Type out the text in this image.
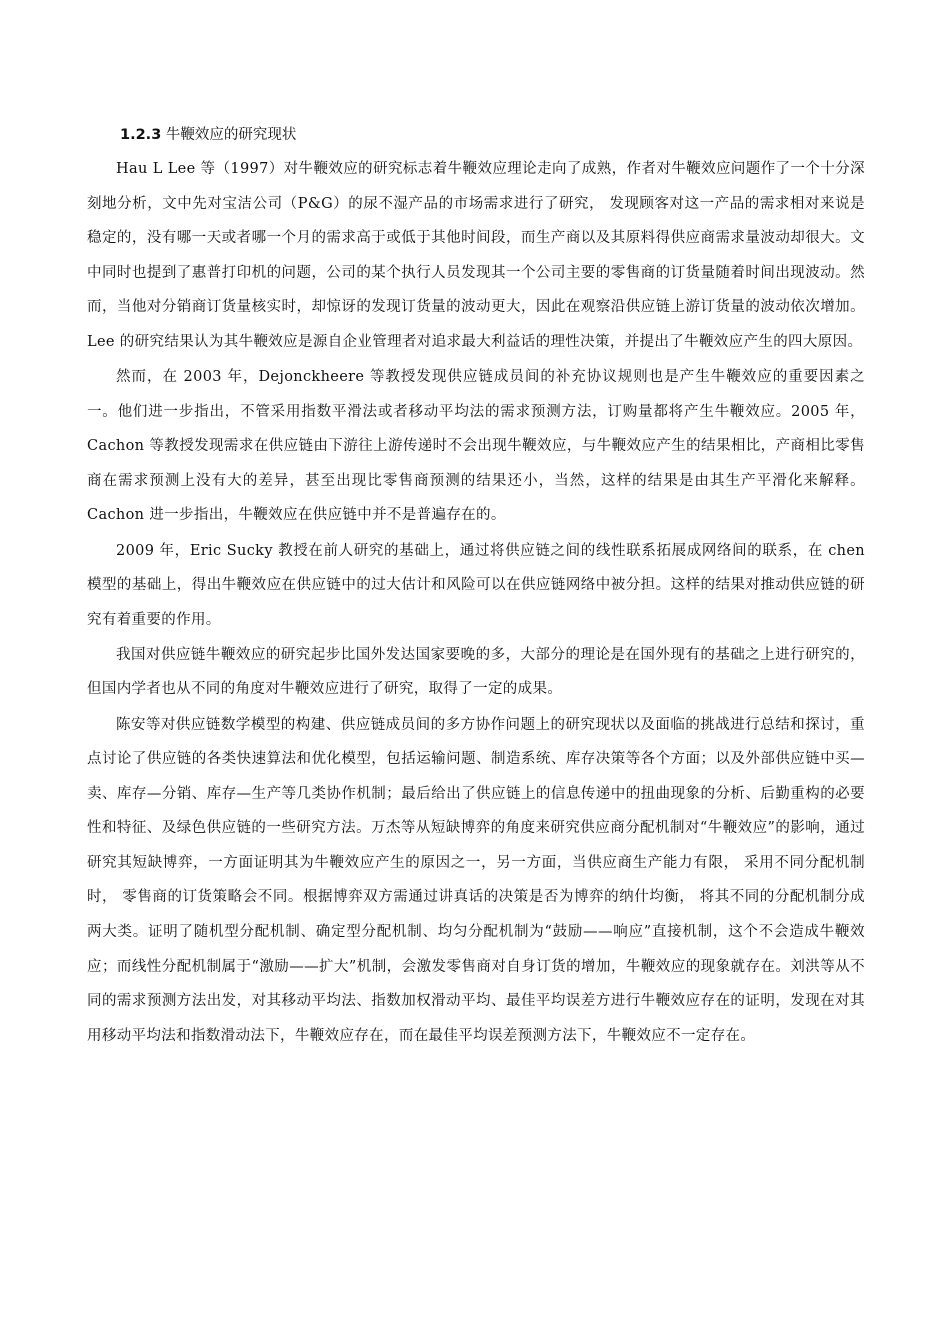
1.2.3 牛鞭效应的研究现状

Hau L Lee 等（1997）对牛鞭效应的研究标志着牛鞭效应理论走向了成熟，作者对牛鞭效应问题作了一个十分深刻地分析，文中先对宝洁公司（P&G）的尿不湿产品的市场需求进行了研究， 发现顾客对这一产品的需求相对来说是稳定的，没有哪一天或者哪一个月的需求高于或低于其他时间段，而生产商以及其原料得供应商需求量波动却很大。文中同时也提到了惠普打印机的问题，公司的某个执行人员发现其一个公司主要的零售商的订货量随着时间出现波动。然而，当他对分销商订货量核实时，却惊讶的发现订货量的波动更大，因此在观察沿供应链上游订货量的波动依次增加。Lee 的研究结果认为其牛鞭效应是源自企业管理者对追求最大利益话的理性决策，并提出了牛鞭效应产生的四大原因。

然而，在 2003 年，Dejonckheere 等教授发现供应链成员间的补充协议规则也是产生牛鞭效应的重要因素之一。他们进一步指出，不管采用指数平滑法或者移动平均法的需求预测方法，订购量都将产生牛鞭效应。2005 年，Cachon 等教授发现需求在供应链由下游往上游传递时不会出现牛鞭效应，与牛鞭效应产生的结果相比，产商相比零售商在需求预测上没有大的差异，甚至出现比零售商预测的结果还小，当然，这样的结果是由其生产平滑化来解释。Cachon 进一步指出，牛鞭效应在供应链中并不是普遍存在的。

2009 年，Eric Sucky 教授在前人研究的基础上，通过将供应链之间的线性联系拓展成网络间的联系，在 chen 模型的基础上，得出牛鞭效应在供应链中的过大估计和风险可以在供应链网络中被分担。这样的结果对推动供应链的研究有着重要的作用。

我国对供应链牛鞭效应的研究起步比国外发达国家要晚的多，大部分的理论是在国外现有的基础之上进行研究的，但国内学者也从不同的角度对牛鞭效应进行了研究，取得了一定的成果。

陈安等对供应链数学模型的构建、供应链成员间的多方协作问题上的研究现状以及面临的挑战进行总结和探讨，重点讨论了供应链的各类快速算法和优化模型，包括运输问题、制造系统、库存决策等各个方面；以及外部供应链中买—卖、库存—分销、库存—生产等几类协作机制；最后给出了供应链上的信息传递中的扭曲现象的分析、后勤重构的必要性和特征、及绿色供应链的一些研究方法。万杰等从短缺博弈的角度来研究供应商分配机制对“牛鞭效应”的影响，通过研究其短缺博弈，一方面证明其为牛鞭效应产生的原因之一，另一方面，当供应商生产能力有限， 采用不同分配机制时， 零售商的订货策略会不同。根据博弈双方需通过讲真话的决策是否为博弈的纳什均衡， 将其不同的分配机制分成两大类。证明了随机型分配机制、确定型分配机制、均匀分配机制为“鼓励——响应”直接机制，这个不会造成牛鞭效应；而线性分配机制属于“激励——扩大”机制，会激发零售商对自身订货的增加，牛鞭效应的现象就存在。刘洪等从不同的需求预测方法出发，对其移动平均法、指数加权滑动平均、最佳平均误差方进行牛鞭效应存在的证明，发现在对其用移动平均法和指数滑动法下，牛鞭效应存在，而在最佳平均误差预测方法下，牛鞭效应不一定存在。
